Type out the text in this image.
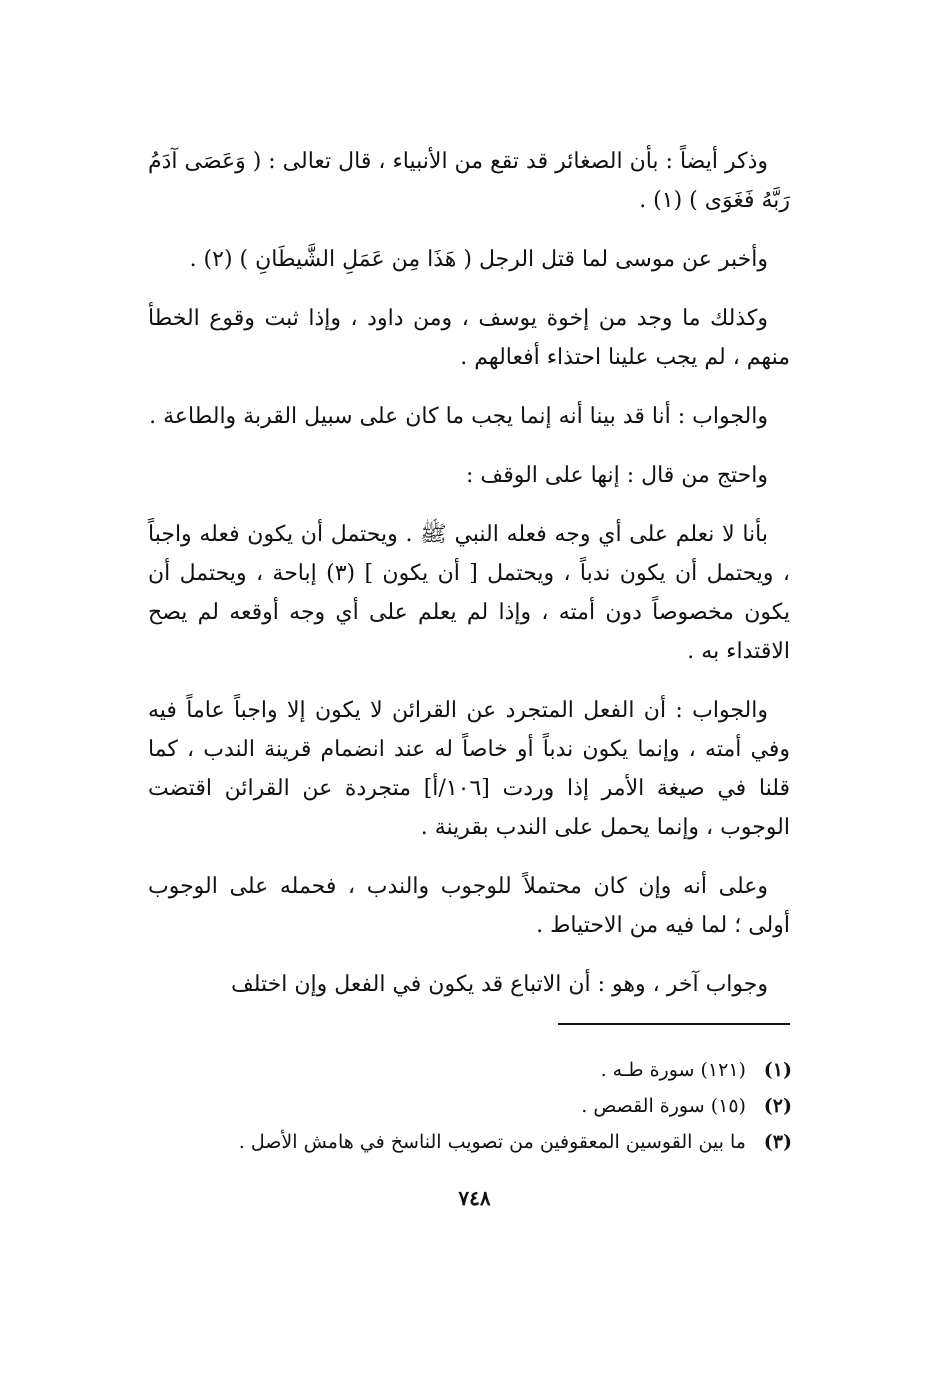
وذكر أيضاً : بأن الصغائر قد تقع من الأنبياء ، قال تعالى : ( وَعَصَى آدَمُ رَبَّهُ فَغَوَى ) (١) .

وأخبر عن موسى لما قتل الرجل ( هَذَا مِن عَمَلِ الشَّيطَانِ ) (٢) .

وكذلك ما وجد من إخوة يوسف ، ومن داود ، وإذا ثبت وقوع الخطأ منهم ، لم يجب علينا احتذاء أفعالهم .

والجواب : أنا قد بينا أنه إنما يجب ما كان على سبيل القربة والطاعة .

واحتج من قال : إنها على الوقف :

بأنا لا نعلم على أي وجه فعله النبي ﷺ . ويحتمل أن يكون فعله واجباً ، ويحتمل أن يكون ندباً ، ويحتمل [ أن يكون ] (٣) إباحة ، ويحتمل أن يكون مخصوصاً دون أمته ، وإذا لم يعلم على أي وجه أوقعه لم يصح الاقتداء به .

والجواب : أن الفعل المتجرد عن القرائن لا يكون إلا واجباً عاماً فيه وفي أمته ، وإنما يكون ندباً أو خاصاً له عند انضمام قرينة الندب ، كما قلنا في صيغة الأمر إذا وردت [١٠٦/أ] متجردة عن القرائن اقتضت الوجوب ، وإنما يحمل على الندب بقرينة .

وعلى أنه وإن كان محتملاً للوجوب والندب ، فحمله على الوجوب أولى ؛ لما فيه من الاحتياط .

وجواب آخر ، وهو : أن الاتباع قد يكون في الفعل وإن اختلف

(١) (١٢١) سورة طـه .

(٢) (١٥) سورة القصص .

(٣) ما بين القوسين المعقوفين من تصويب الناسخ في هامش الأصل .

٧٤٨
